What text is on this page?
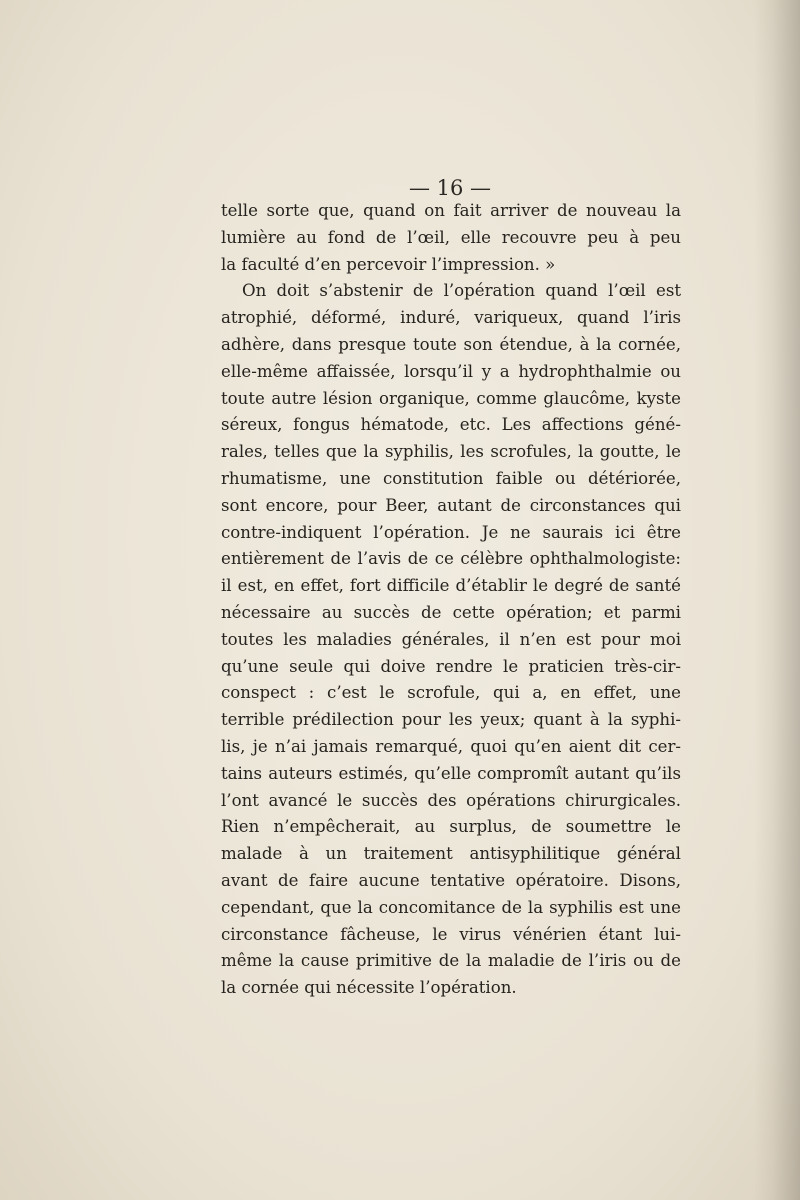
— 16 —
telle sorte que, quand on fait arriver de nouveau la
lumière au fond de l’œil, elle recouvre peu à peu
la faculté d’en percevoir l’impression. »
On doit s’abstenir de l’opération quand l’œil est
atrophié, déformé, induré, variqueux, quand l’iris
adhère, dans presque toute son étendue, à la cornée,
elle-même affaissée, lorsqu’il y a hydrophthalmie ou
toute autre lésion organique, comme glaucôme, kyste
séreux, fongus hématode, etc. Les affections géné-
rales, telles que la syphilis, les scrofules, la goutte, le
rhumatisme, une constitution faible ou détériorée,
sont encore, pour Beer, autant de circonstances qui
contre-indiquent l’opération. Je ne saurais ici être
entièrement de l’avis de ce célèbre ophthalmologiste:
il est, en effet, fort difficile d’établir le degré de santé
nécessaire au succès de cette opération; et parmi
toutes les maladies générales, il n’en est pour moi
qu’une seule qui doive rendre le praticien très-cir-
conspect : c’est le scrofule, qui a, en effet, une
terrible prédilection pour les yeux; quant à la syphi-
lis, je n’ai jamais remarqué, quoi qu’en aient dit cer-
tains auteurs estimés, qu’elle compromît autant qu’ils
l’ont avancé le succès des opérations chirurgicales.
Rien n’empêcherait, au surplus, de soumettre le
malade à un traitement antisyphilitique général
avant de faire aucune tentative opératoire. Disons,
cependant, que la concomitance de la syphilis est une
circonstance fâcheuse, le virus vénérien étant lui-
même la cause primitive de la maladie de l’iris ou de
la cornée qui nécessite l’opération.
